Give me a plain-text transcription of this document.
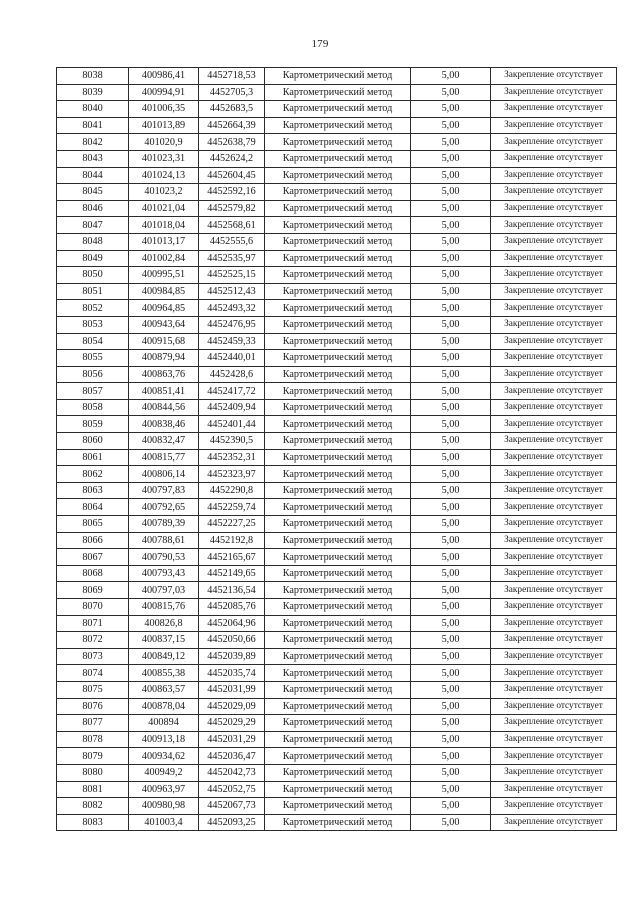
179
8038	400986,41	4452718,53	Картометрический метод	5,00	Закрепление отсутствует
8039	400994,91	4452705,3	Картометрический метод	5,00	Закрепление отсутствует
8040	401006,35	4452683,5	Картометрический метод	5,00	Закрепление отсутствует
8041	401013,89	4452664,39	Картометрический метод	5,00	Закрепление отсутствует
8042	401020,9	4452638,79	Картометрический метод	5,00	Закрепление отсутствует
8043	401023,31	4452624,2	Картометрический метод	5,00	Закрепление отсутствует
8044	401024,13	4452604,45	Картометрический метод	5,00	Закрепление отсутствует
8045	401023,2	4452592,16	Картометрический метод	5,00	Закрепление отсутствует
8046	401021,04	4452579,82	Картометрический метод	5,00	Закрепление отсутствует
8047	401018,04	4452568,61	Картометрический метод	5,00	Закрепление отсутствует
8048	401013,17	4452555,6	Картометрический метод	5,00	Закрепление отсутствует
8049	401002,84	4452535,97	Картометрический метод	5,00	Закрепление отсутствует
8050	400995,51	4452525,15	Картометрический метод	5,00	Закрепление отсутствует
8051	400984,85	4452512,43	Картометрический метод	5,00	Закрепление отсутствует
8052	400964,85	4452493,32	Картометрический метод	5,00	Закрепление отсутствует
8053	400943,64	4452476,95	Картометрический метод	5,00	Закрепление отсутствует
8054	400915,68	4452459,33	Картометрический метод	5,00	Закрепление отсутствует
8055	400879,94	4452440,01	Картометрический метод	5,00	Закрепление отсутствует
8056	400863,76	4452428,6	Картометрический метод	5,00	Закрепление отсутствует
8057	400851,41	4452417,72	Картометрический метод	5,00	Закрепление отсутствует
8058	400844,56	4452409,94	Картометрический метод	5,00	Закрепление отсутствует
8059	400838,46	4452401,44	Картометрический метод	5,00	Закрепление отсутствует
8060	400832,47	4452390,5	Картометрический метод	5,00	Закрепление отсутствует
8061	400815,77	4452352,31	Картометрический метод	5,00	Закрепление отсутствует
8062	400806,14	4452323,97	Картометрический метод	5,00	Закрепление отсутствует
8063	400797,83	4452290,8	Картометрический метод	5,00	Закрепление отсутствует
8064	400792,65	4452259,74	Картометрический метод	5,00	Закрепление отсутствует
8065	400789,39	4452227,25	Картометрический метод	5,00	Закрепление отсутствует
8066	400788,61	4452192,8	Картометрический метод	5,00	Закрепление отсутствует
8067	400790,53	4452165,67	Картометрический метод	5,00	Закрепление отсутствует
8068	400793,43	4452149,65	Картометрический метод	5,00	Закрепление отсутствует
8069	400797,03	4452136,54	Картометрический метод	5,00	Закрепление отсутствует
8070	400815,76	4452085,76	Картометрический метод	5,00	Закрепление отсутствует
8071	400826,8	4452064,96	Картометрический метод	5,00	Закрепление отсутствует
8072	400837,15	4452050,66	Картометрический метод	5,00	Закрепление отсутствует
8073	400849,12	4452039,89	Картометрический метод	5,00	Закрепление отсутствует
8074	400855,38	4452035,74	Картометрический метод	5,00	Закрепление отсутствует
8075	400863,57	4452031,99	Картометрический метод	5,00	Закрепление отсутствует
8076	400878,04	4452029,09	Картометрический метод	5,00	Закрепление отсутствует
8077	400894	4452029,29	Картометрический метод	5,00	Закрепление отсутствует
8078	400913,18	4452031,29	Картометрический метод	5,00	Закрепление отсутствует
8079	400934,62	4452036,47	Картометрический метод	5,00	Закрепление отсутствует
8080	400949,2	4452042,73	Картометрический метод	5,00	Закрепление отсутствует
8081	400963,97	4452052,75	Картометрический метод	5,00	Закрепление отсутствует
8082	400980,98	4452067,73	Картометрический метод	5,00	Закрепление отсутствует
8083	401003,4	4452093,25	Картометрический метод	5,00	Закрепление отсутствует
